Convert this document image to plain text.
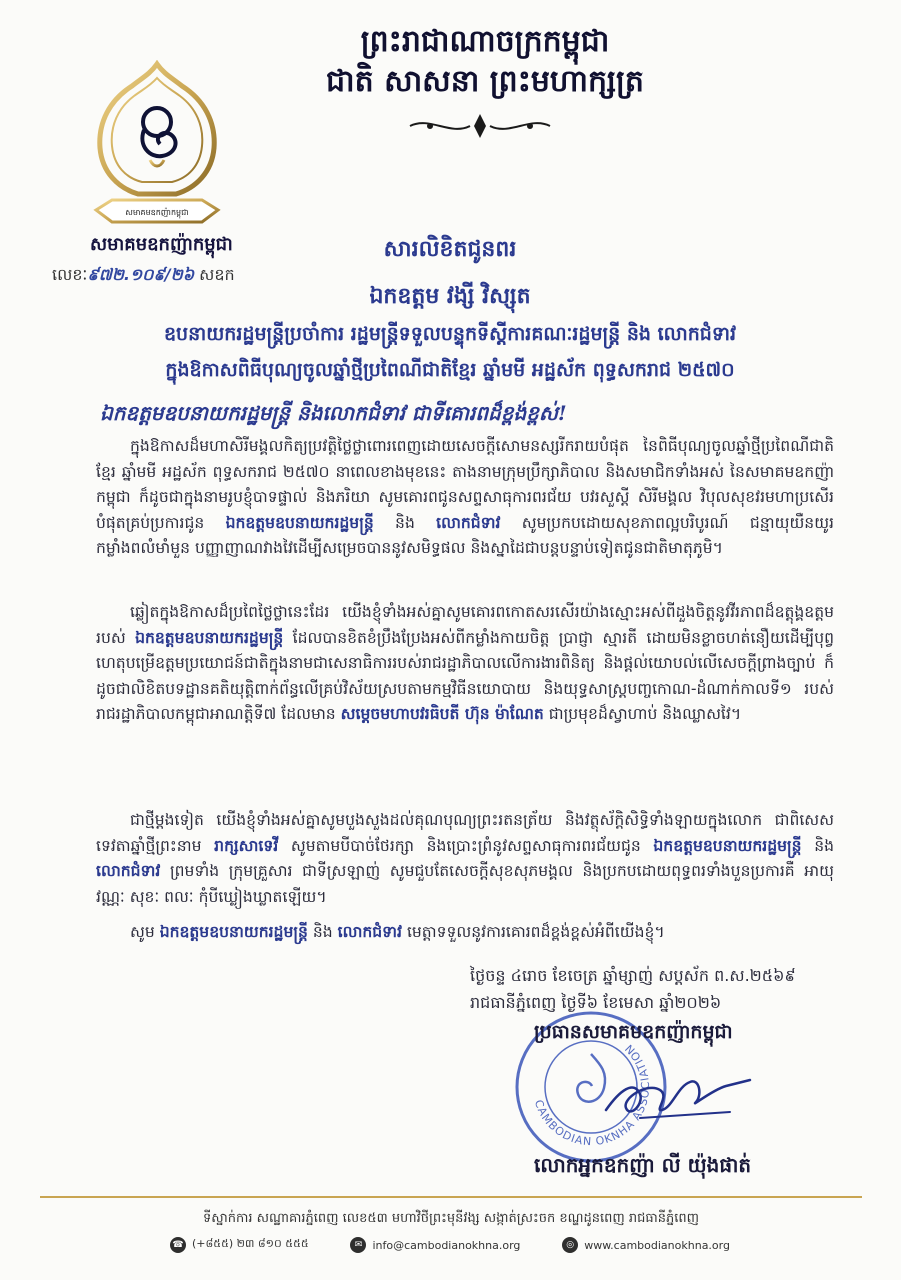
សមាគមឧកញ៉ាកម្ពុជា
សមាគមឧកញ៉ាកម្ពុជា
លេខៈ៩៧២.១០៩/២៦ សឧក
ព្រះរាជាណាចក្រកម្ពុជា
ជាតិ សាសនា ព្រះមហាក្សត្រ
សារលិខិតជូនពរ
ឯកឧត្តម វង្សី វិស្សុត
ឧបនាយករដ្ឋមន្រ្តីប្រចាំការ រដ្ឋមន្រ្តីទទួលបន្ទុកទីស្តីការគណៈរដ្ឋមន្រ្តី និង លោកជំទាវ
ក្នុងឱកាសពិធីបុណ្យចូលឆ្នាំថ្មីប្រពៃណីជាតិខ្មែរ ឆ្នាំមមី អដ្ឋស័ក ពុទ្ធសករាជ ២៥៧០
ឯកឧត្តមឧបនាយករដ្ឋមន្រ្តី និងលោកជំទាវ ជាទីគោរពដ៏ខ្ពង់ខ្ពស់!
ក្នុងឱកាសដ៏មហាសិរីមង្គលកិត្យប្រវត្តិថ្លៃថ្លាពោរពេញដោយសេចក្តីសោមនស្សរីករាយបំផុត នៃពិធីបុណ្យចូលឆ្នាំថ្មីប្រពៃណីជាតិខ្មែរ ឆ្នាំមមី អដ្ឋស័ក ពុទ្ធសករាជ ២៥៧០ នាពេលខាងមុខនេះ តាងនាមក្រុមប្រឹក្សាភិបាល និងសមាជិកទាំងអស់ នៃសមាគមឧកញ៉ាកម្ពុជា ក៏ដូចជាក្នុងនាមរូបខ្ញុំបាទផ្ទាល់ និងភរិយា សូមគោរពជូនសព្ទសាធុការពរជ័យ បវរសួស្តី សិរីមង្គល វិបុលសុខវរមហាប្រសើរបំផុតគ្រប់ប្រការជូន ឯកឧត្តមឧបនាយករដ្ឋមន្រ្តី និង លោកជំទាវ សូមប្រកបដោយសុខភាពល្អបរិបូរណ៍ ជន្មាយុយឺនយូរ កម្លាំងពលំមាំមួន បញ្ញាញាណវាងវៃដើម្បីសម្រេចបាននូវសមិទ្ធផល និងស្នាដៃជាបន្តបន្ទាប់ទៀតជូនជាតិមាតុភូមិ។
ឆ្លៀតក្នុងឱកាសដ៏ប្រពៃថ្លៃថ្លានេះដែរ យើងខ្ញុំទាំងអស់គ្នាសូមគោរពកោតសរសើរយ៉ាងស្មោះអស់ពីដួងចិត្តនូវវីរភាពដ៏ឧត្តុង្គឧត្តមរបស់ ឯកឧត្តមឧបនាយករដ្ឋមន្រ្តី ដែលបានខិតខំប្រឹងប្រែងអស់ពីកម្លាំងកាយចិត្ត ប្រាជ្ញា ស្មារតី ដោយមិនខ្លាចហត់នឿយដើម្បីបុព្វហេតុបម្រើឧត្តមប្រយោជន៍ជាតិក្នុងនាមជាសេនាធិការរបស់រាជរដ្ឋាភិបាលលើការងារពិនិត្យ និងផ្តល់យោបល់លើសេចក្តីព្រាងច្បាប់ ក៏ដូចជាលិខិតបទដ្ឋានគតិយុត្តិពាក់ព័ន្ធលើគ្រប់វិស័យស្របតាមកម្មវិធីនយោបាយ និងយុទ្ធសាស្រ្តបញ្ចកោណ-ដំណាក់កាលទី១ របស់រាជរដ្ឋាភិបាលកម្ពុជាអាណត្តិទី៧ ដែលមាន សម្តេចមហាបវរធិបតី ហ៊ុន ម៉ាណែត ជាប្រមុខដ៏ស្វាហាប់ និងឈ្លាសវៃ។
ជាថ្មីម្តងទៀត យើងខ្ញុំទាំងអស់គ្នាសូមបួងសួងដល់គុណបុណ្យព្រះរតនត្រ័យ និងវត្ថុស័ក្តិសិទ្ធិទាំងឡាយក្នុងលោក ជាពិសេសទេវតាឆ្នាំថ្មីព្រះនាម រាក្សសាទេវី សូមតាមបីបាច់ថែរក្សា និងប្រោះព្រំនូវសព្ទសាធុការពរជ័យជូន ឯកឧត្តមឧបនាយករដ្ឋមន្រ្តី និង លោកជំទាវ ព្រមទាំង ក្រុមគ្រួសារ ជាទីស្រឡាញ់ សូមជួបតែសេចក្តីសុខសុភមង្គល និងប្រកបដោយពុទ្ធពរទាំងបួនប្រការគឺ អាយុ វណ្ណៈ សុខៈ ពលៈ កុំបីឃ្លៀងឃ្លាតឡើយ។
សូម ឯកឧត្តមឧបនាយករដ្ឋមន្រ្តី និង លោកជំទាវ មេត្តាទទួលនូវការគោរពដ៏ខ្ពង់ខ្ពស់អំពីយើងខ្ញុំ។
ថ្ងៃចន្ទ ៤រោច ខែចេត្រ ឆ្នាំម្សាញ់ សប្តស័ក ព.ស.២៥៦៩
រាជធានីភ្នំពេញ ថ្ងៃទី៦ ខែមេសា ឆ្នាំ២០២៦
CAMBODIAN OKNHA ASSOCIATION
ប្រធានសមាគមឧកញ៉ាកម្ពុជា
លោកអ្នកឧកញ៉ា លី យ៉ុងផាត់
ទីស្នាក់ការ សណ្ឋាគារភ្នំពេញ លេខ៥៣ មហាវិថីព្រះមុនីវង្ស សង្កាត់ស្រះចក ខណ្ឌដូនពេញ រាជធានីភ្នំពេញ
☎ (+៨៥៥) ២៣ ៨១០ ៥៥៥	✉ info@cambodianokhna.org	◎ www.cambodianokhna.org
